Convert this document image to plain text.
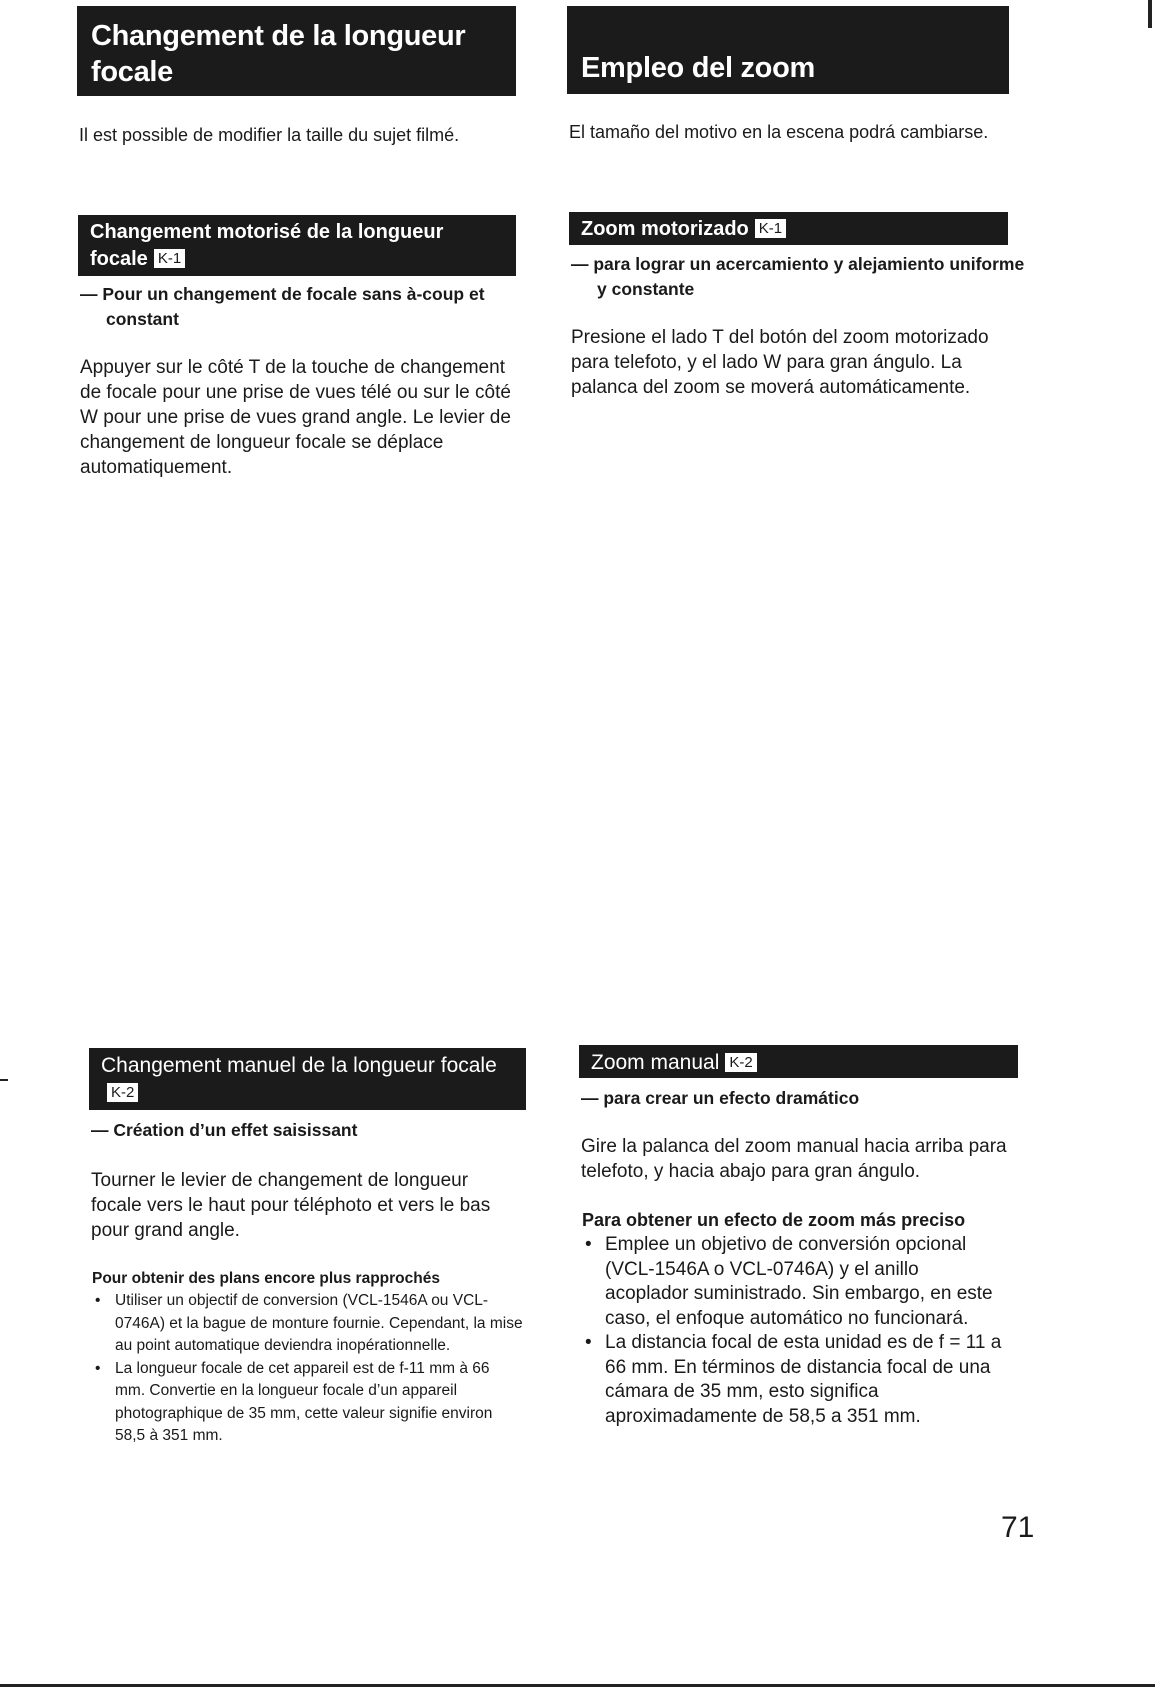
Changement de la longueur focale

Il est possible de modifier la taille du sujet filmé.

Changement motorisé de la longueur focale K-1

— Pour un changement de focale sans à-coup et constant

Appuyer sur le côté T de la touche de changement de focale pour une prise de vues télé ou sur le côté W pour une prise de vues grand angle. Le levier de changement de longueur focale se déplace automatiquement.

Empleo del zoom

El tamaño del motivo en la escena podrá cambiarse.

Zoom motorizado K-1

— para lograr un acercamiento y alejamiento uniforme y constante

Presione el lado T del botón del zoom motorizado para telefoto, y el lado W para gran ángulo. La palanca del zoom se moverá automáticamente.

Changement manuel de la longueur focaleK-2

— Création d’un effet saisissant

Tourner le levier de changement de longueur focale vers le haut pour téléphoto et vers le bas pour grand angle.

Pour obtenir des plans encore plus rapprochés

• Utiliser un objectif de conversion (VCL-1546A ou VCL-0746A) et la bague de monture fournie. Cependant, la mise au point automatique deviendra inopérationnelle.
• La longueur focale de cet appareil est de f-11 mm à 66 mm. Convertie en la longueur focale d’un appareil photographique de 35 mm, cette valeur signifie environ 58,5 à 351 mm.
Zoom manual K-2

— para crear un efecto dramático

Gire la palanca del zoom manual hacia arriba para telefoto, y hacia abajo para gran ángulo.

Para obtener un efecto de zoom más preciso

• Emplee un objetivo de conversión opcional (VCL-1546A o VCL-0746A) y el anillo acoplador suministrado. Sin embargo, en este caso, el enfoque automático no funcionará.
• La distancia focal de esta unidad es de f = 11 a 66 mm. En términos de distancia focal de una cámara de 35 mm, esto significa aproximadamente de 58,5 a 351 mm.
71
